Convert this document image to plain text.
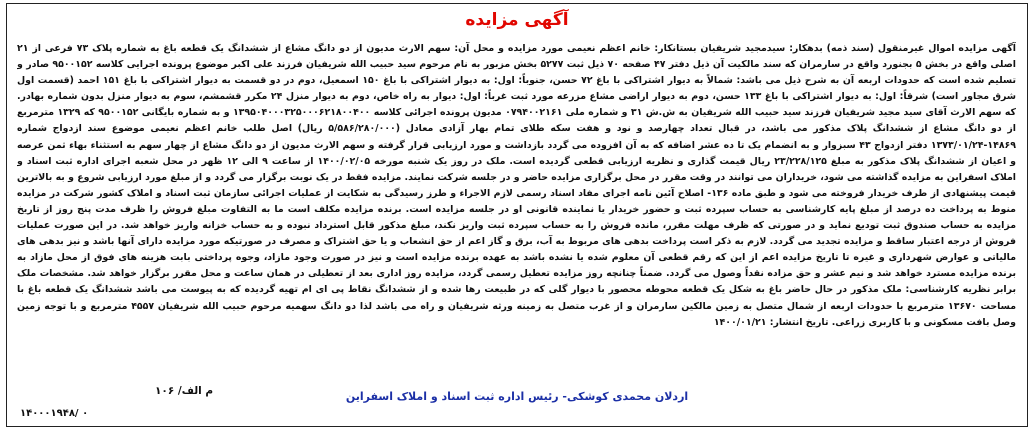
آگهی مزایده
آگهی مزایده اموال غیرمنقول (سند ذمه) بدهکار: سیدمجید شریفیان بستانکار: خانم اعظم نعیمی مورد مزایده و محل آن: سهم الارث مدیون از دو دانگ مشاع از ششدانگ یک قطعه باغ به شماره پلاک ۷۳ فرعی از ۲۱ اصلی واقع در بخش ۵ بجنورد واقع در سارمران که سند مالکیت آن ذیل دفتر ۴۷ صفحه ۷۰ ذیل ثبت ۵۲۷۷ بخش مزبور به نام مرحوم سید حبیب الله شریفیان فرزند علی اکبر موضوع پرونده اجرایی کلاسه ۹۵۰۰۱۵۲ صادر و تسلیم شده است که حدودات اربعه آن به شرح ذیل می باشد: شمالاً به دیوار اشتراکی با باغ ۷۲ حسن، جنوباً: اول: به دیوار اشتراکی با باغ ۱۵۰ اسمعیل، دوم در دو قسمت به دیوار اشتراکی با باغ ۱۵۱ احمد (قسمت اول شرق مجاور است) شرقاً: اول: به دیوار اشتراکی با باغ ۱۳۳ حسن، دوم به دیوار اراضی مشاع مزرعه مورد ثبت غرباً: اول: دیوار به راه خاص، دوم به دیوار منزل ۲۴ مکرر قشمشم، سوم به دیوار منزل بدون شماره بهادر. که سهم الارث آقای سید مجید شریفیان فرزند سید حبیب الله شریفیان به ش.ش ۳۱ و شماره ملی ۰۷۹۴۰۰۲۱۶۱ مدیون پرونده اجرائی کلاسه ۱۳۹۵۰۴۰۰۰۳۲۵۰۰۰۶۲۱۸۰۰۴۰۰ و به شماره بایگانی ۹۵۰۰۱۵۲ که ۱۳۲۹ مترمربع از دو دانگ مشاع از ششدانگ پلاک مذکور می باشد، در قبال تعداد چهارصد و نود و هفت سکه طلای تمام بهار آزادی معادل (۵/۵۸۶/۲۸۰/۰۰۰ ریال) اصل طلب خانم اعظم نعیمی موضوع سند ازدواج شماره ۱۴۸۶۹-۱۳۷۳/۰۱/۲۴ دفتر ازدواج ۴۳ سبزوار و به انضمام یک تا ده عشر اضافه که به آن افزوده می گردد بازداشت و مورد ارزیابی قرار گرفته و سهم الارث مدیون از دو دانگ مشاع از چهار سهم به استثناء بهاء ثمن عرصه و اعیان از ششدانگ پلاک مذکور به مبلغ ۲۳/۲۲۸/۱۲۵ ریال قیمت گذاری و نظریه ارزیابی قطعی گردیده است. ملک در روز یک شنبه مورخه ۱۴۰۰/۰۲/۰۵ از ساعت ۹ الی ۱۲ ظهر در محل شعبه اجرای اداره ثبت اسناد و املاک اسفراین به مزایده گذاشته می شود، خریداران می توانند در وقت مقرر در محل برگزاری مزایده حاضر و در جلسه شرکت نمایند. مزایده فقط در یک نوبت برگزار می گردد و از مبلغ مورد ارزیابی شروع و به بالاترین قیمت پیشنهادی از طرف خریدار فروخته می شود و طبق ماده ۱۳۶- اصلاح آئین نامه اجرای مفاد اسناد رسمی لازم الاجراء و طرز رسیدگی به شکایت از عملیات اجرائی سازمان ثبت اسناد و املاک کشور شرکت در مزایده منوط به پرداخت ده درصد از مبلغ پایه کارشناسی به حساب سپرده ثبت و حضور خریدار یا نماینده قانونی او در جلسه مزایده است. برنده مزایده مکلف است ما به التفاوت مبلغ فروش را ظرف مدت پنج روز از تاریخ مزایده به حساب صندوق ثبت تودیع نماید و در صورتی که ظرف مهلت مقرر، مانده فروش را به حساب سپرده ثبت واریز نکند، مبلغ مذکور قابل استرداد نبوده و به حساب خزانه واریز خواهد شد. در این صورت عملیات فروش از درجه اعتبار ساقط و مزایده تجدید می گردد. لازم به ذکر است پرداخت بدهی های مربوط به آب، برق و گاز اعم از حق انشعاب و یا حق اشتراک و مصرف در صورتیکه مورد مزایده دارای آنها باشد و نیز بدهی های مالیاتی و عوارض شهرداری و غیره تا تاریخ مزایده اعم از این که رقم قطعی آن معلوم شده یا نشده باشد به عهده برنده مزایده است و نیز در صورت وجود مازاد، وجوه پرداختی بابت هزینه های فوق از محل مازاد به برنده مزایده مسترد خواهد شد و نیم عشر و حق مزاده نقداً وصول می گردد. ضمناً چنانچه روز مزایده تعطیل رسمی گردد، مزایده روز اداری بعد از تعطیلی در همان ساعت و محل مقرر برگزار خواهد شد. مشخصات ملک برابر نظریه کارشناسی: ملک مذکور در حال حاضر باغ به شکل یک قطعه محوطه محصور با دیوار گلی که در طبیعت رها شده و از ششدانگ نقاط پی ای ام تهیه گردیده که به پیوست می باشد ششدانگ یک قطعه باغ با مساحت ۱۳۶۷۰ مترمربع با حدودات اربعه از شمال متصل به زمین مالکین سارمران و از غرب متصل به زمینه ورثه شریفیان و راه می باشد لذا دو دانگ سهمیه مرحوم حبیب الله شریفیان ۴۵۵۷ مترمربع و با توجه زمین وصل بافت مسکونی و با کاربری زراعی. تاریخ انتشار: ۱۴۰۰/۰۱/۲۱
اردلان محمدی کوشکی- رئیس اداره ثبت اسناد و املاک اسفراین
م الف/ ۱۰۶
۱۴۰۰۰۱۹۴۸/ ۰
